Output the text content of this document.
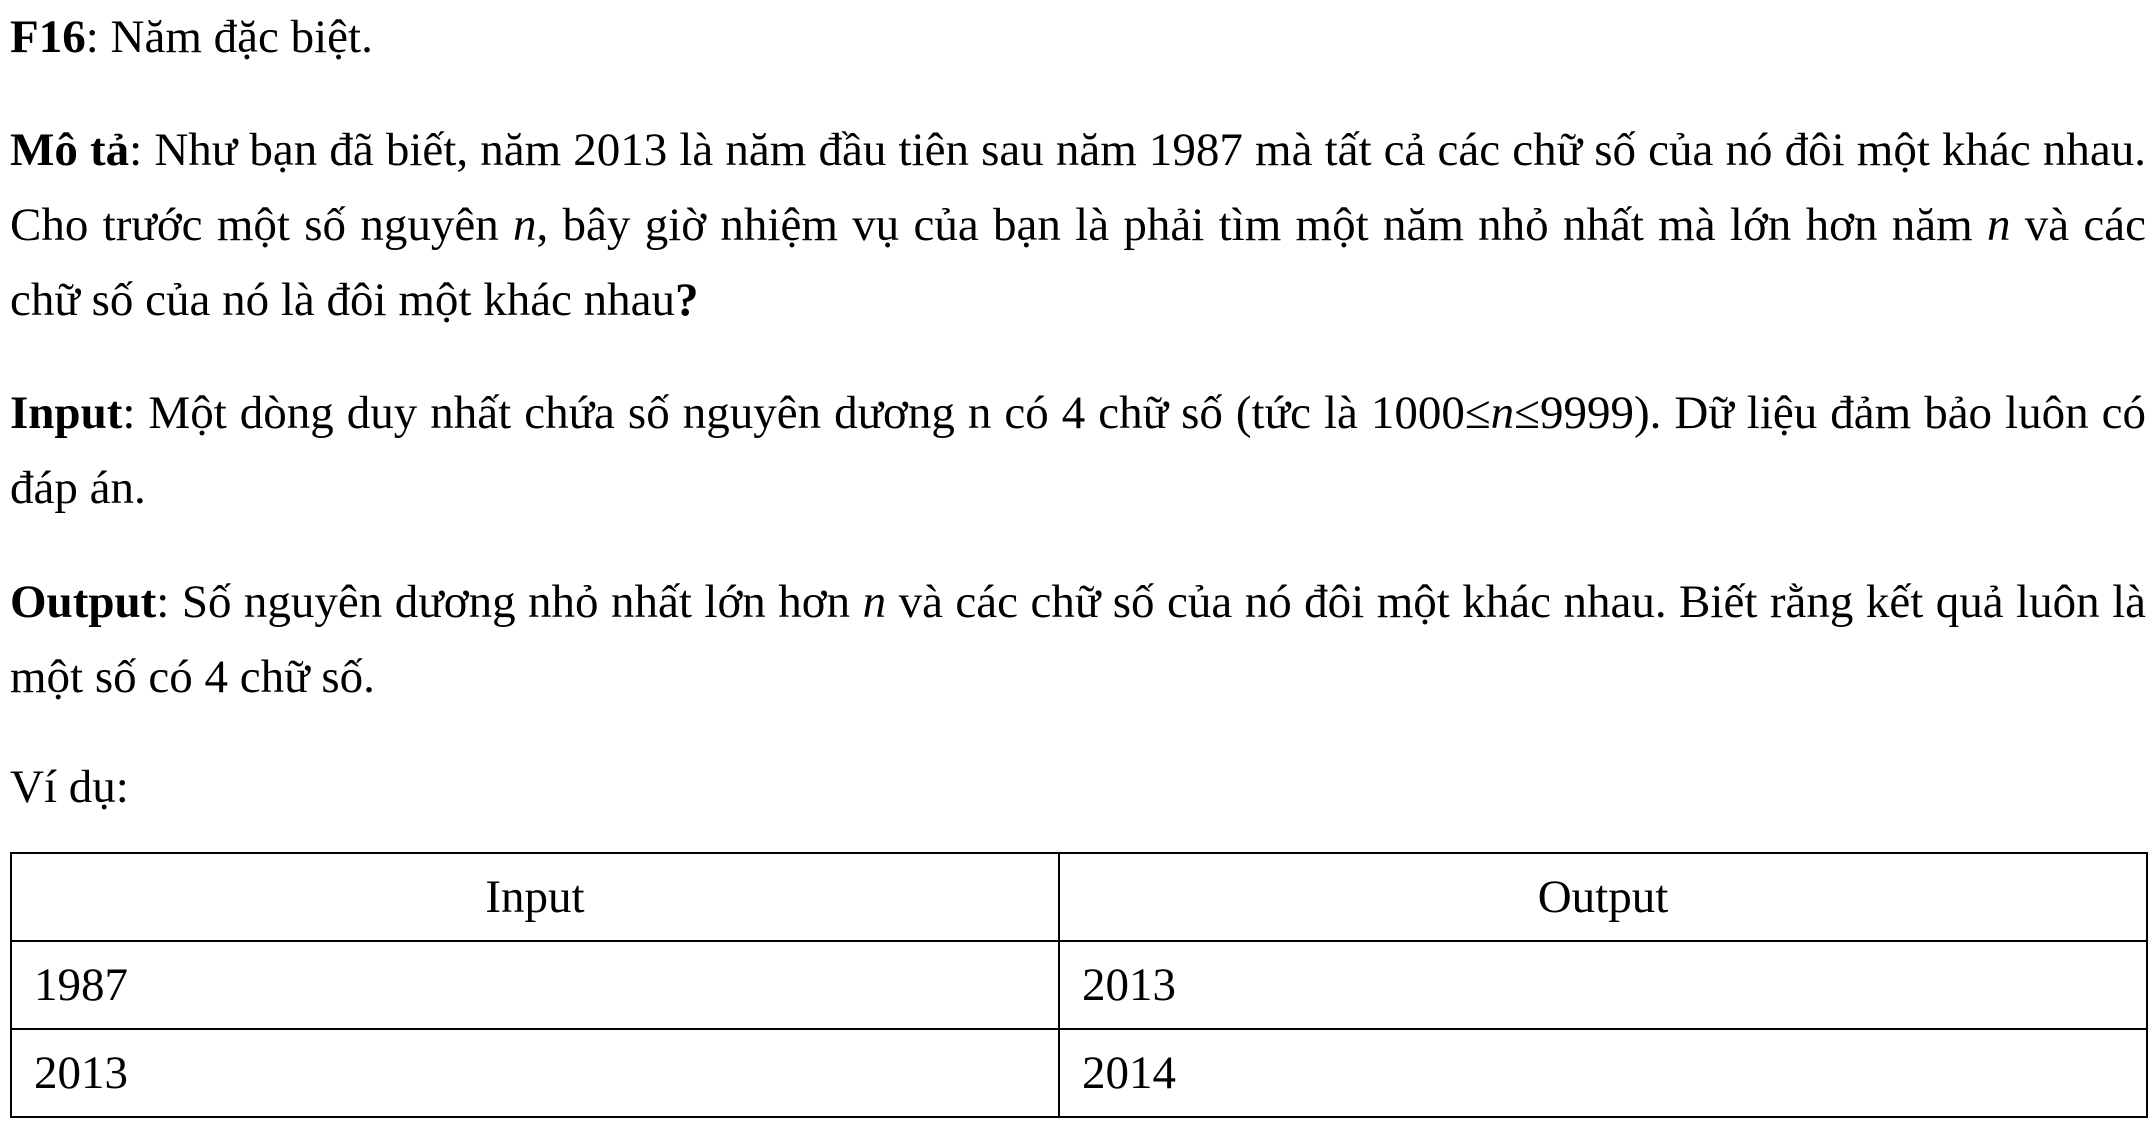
F16: Năm đặc biệt.

Mô tả: Như bạn đã biết, năm 2013 là năm đầu tiên sau năm 1987 mà tất cả các chữ số của nó đôi một khác nhau. Cho trước một số nguyên n, bây giờ nhiệm vụ của bạn là phải tìm một năm nhỏ nhất mà lớn hơn năm n và các chữ số của nó là đôi một khác nhau?

Input: Một dòng duy nhất chứa số nguyên dương n có 4 chữ số (tức là 1000≤n≤9999). Dữ liệu đảm bảo luôn có đáp án.

Output: Số nguyên dương nhỏ nhất lớn hơn n và các chữ số của nó đôi một khác nhau. Biết rằng kết quả luôn là một số có 4 chữ số.

Ví dụ:

Input	Output
1987	2013
2013	2014
